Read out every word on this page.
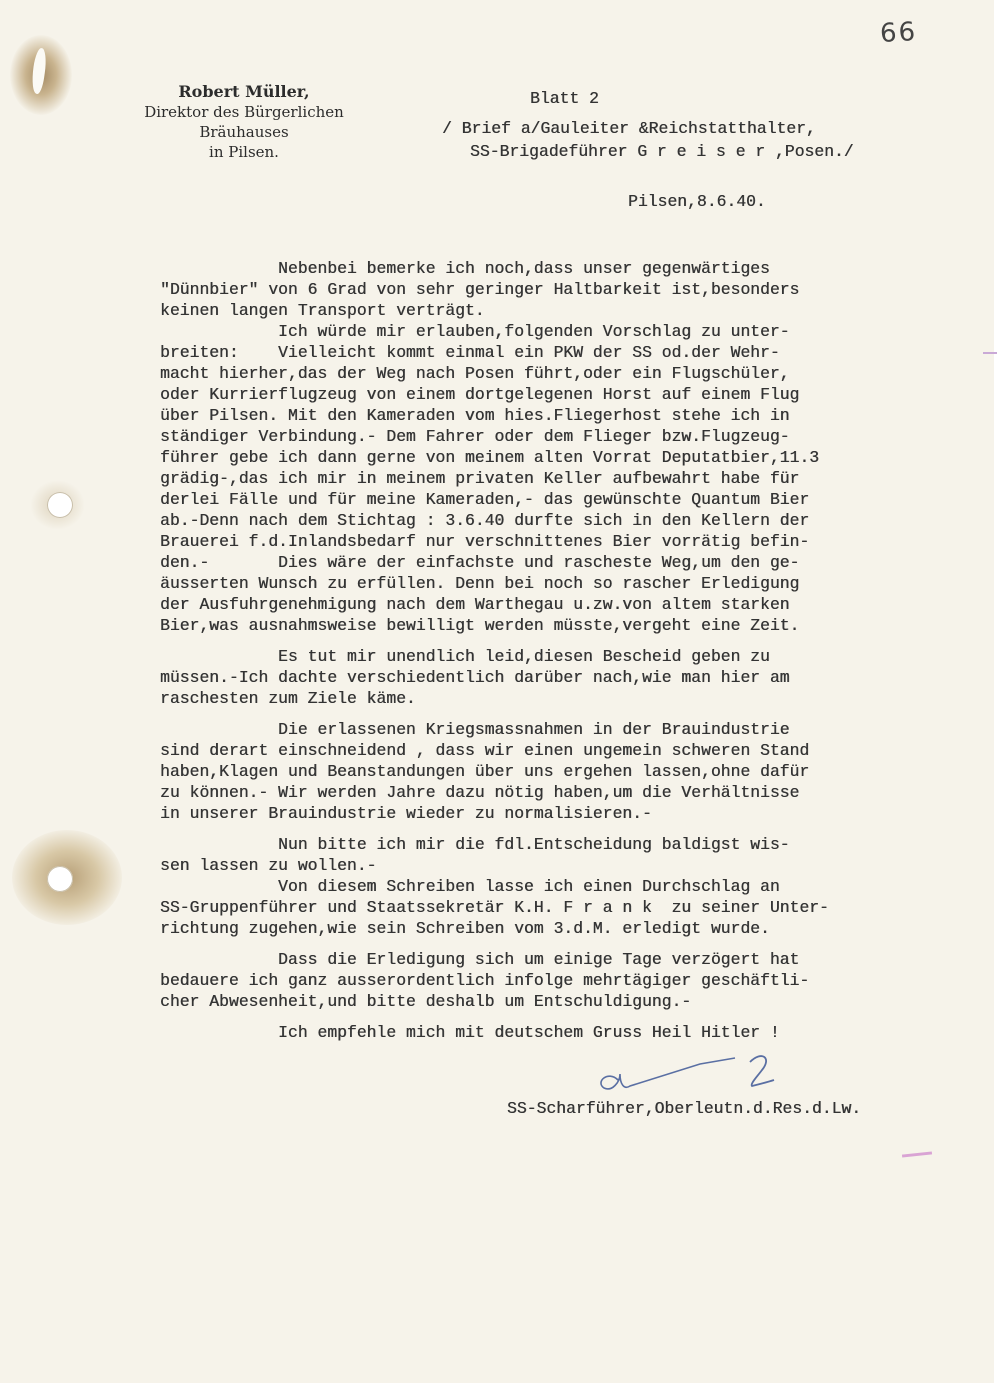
66
Robert Müller,
Direktor des Bürgerlichen Bräuhauses
in Pilsen.
Blatt 2
/ Brief a/Gauleiter &Reichstatthalter,
SS-Brigadeführer G r e i s e r ,Posen./
Pilsen,8.6.40.
Nebenbei bemerke ich noch,dass unser gegenwärtiges
"Dünnbier" von 6 Grad von sehr geringer Haltbarkeit ist,besonders
keinen langen Transport verträgt.
Ich würde mir erlauben,folgenden Vorschlag zu unter-
breiten:    Vielleicht kommt einmal ein PKW der SS od.der Wehr-
macht hierher,das der Weg nach Posen führt,oder ein Flugschüler,
oder Kurrierflugzeug von einem dortgelegenen Horst auf einem Flug
über Pilsen. Mit den Kameraden vom hies.Fliegerhost stehe ich in
ständiger Verbindung.- Dem Fahrer oder dem Flieger bzw.Flugzeug-
führer gebe ich dann gerne von meinem alten Vorrat Deputatbier,11.3
grädig-,das ich mir in meinem privaten Keller aufbewahrt habe für
derlei Fälle und für meine Kameraden,- das gewünschte Quantum Bier
ab.-Denn nach dem Stichtag : 3.6.40 durfte sich in den Kellern der
Brauerei f.d.Inlandsbedarf nur verschnittenes Bier vorrätig befin-
den.-       Dies wäre der einfachste und rascheste Weg,um den ge-
äusserten Wunsch zu erfüllen. Denn bei noch so rascher Erledigung
der Ausfuhrgenehmigung nach dem Warthegau u.zw.von altem starken
Bier,was ausnahmsweise bewilligt werden müsste,vergeht eine Zeit.
Es tut mir unendlich leid,diesen Bescheid geben zu
müssen.-Ich dachte verschiedentlich darüber nach,wie man hier am
raschesten zum Ziele käme.
Die erlassenen Kriegsmassnahmen in der Brauindustrie
sind derart einschneidend , dass wir einen ungemein schweren Stand
haben,Klagen und Beanstandungen über uns ergehen lassen,ohne dafür
zu können.- Wir werden Jahre dazu nötig haben,um die Verhältnisse
in unserer Brauindustrie wieder zu normalisieren.-
Nun bitte ich mir die fdl.Entscheidung baldigst wis-
sen lassen zu wollen.-
Von diesem Schreiben lasse ich einen Durchschlag an
SS-Gruppenführer und Staatssekretär K.H. F r a n k  zu seiner Unter-
richtung zugehen,wie sein Schreiben vom 3.d.M. erledigt wurde.
Dass die Erledigung sich um einige Tage verzögert hat
bedauere ich ganz ausserordentlich infolge mehrtägiger geschäftli-
cher Abwesenheit,und bitte deshalb um Entschuldigung.-
Ich empfehle mich mit deutschem Gruss Heil Hitler !
SS-Scharführer,Oberleutn.d.Res.d.Lw.
